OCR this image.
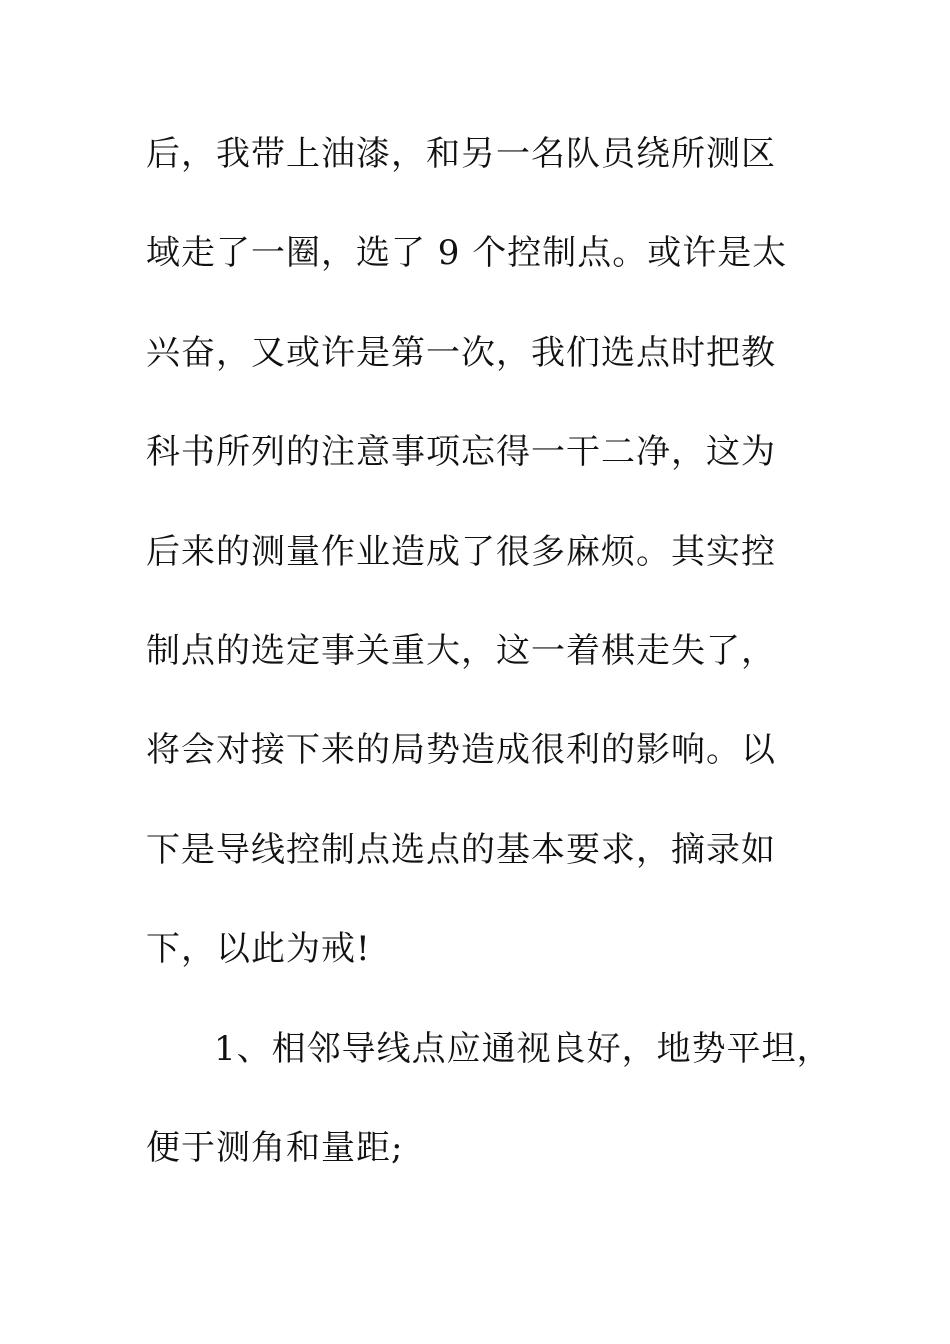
后，我带上油漆，和另一名队员绕所测区
域走了一圈，选了 9 个控制点。或许是太
兴奋，又或许是第一次，我们选点时把教
科书所列的注意事项忘得一干二净，这为
后来的测量作业造成了很多麻烦。其实控
制点的选定事关重大，这一着棋走失了，
将会对接下来的局势造成很利的影响。以
下是导线控制点选点的基本要求，摘录如
下，以此为戒!
1、相邻导线点应通视良好，地势平坦，
便于测角和量距;
